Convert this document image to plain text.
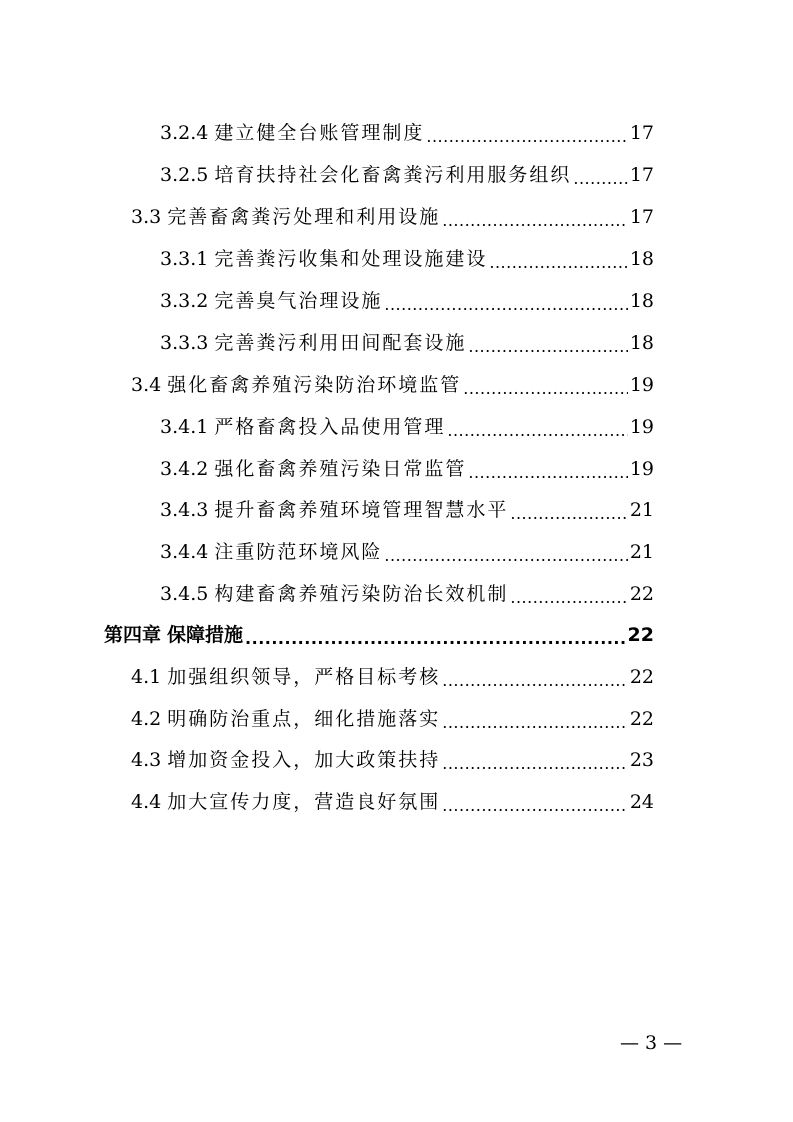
3.2.4 建立健全台账管理制度 .....	17
3.2.5 培育扶持社会化畜禽粪污利用服务组织 .....	17
3.3 完善畜禽粪污处理和利用设施 .....	17
3.3.1 完善粪污收集和处理设施建设 .....	18
3.3.2 完善臭气治理设施 .....	18
3.3.3 完善粪污利用田间配套设施 .....	18
3.4 强化畜禽养殖污染防治环境监管 .....	19
3.4.1 严格畜禽投入品使用管理 .....	19
3.4.2 强化畜禽养殖污染日常监管 .....	19
3.4.3 提升畜禽养殖环境管理智慧水平 .....	21
3.4.4 注重防范环境风险 .....	21
3.4.5 构建畜禽养殖污染防治长效机制 .....	22
第四章 保障措施 .....	22
4.1 加强组织领导，严格目标考核 .....	22
4.2 明确防治重点，细化措施落实 .....	22
4.3 增加资金投入，加大政策扶持 .....	23
4.4 加大宣传力度，营造良好氛围 .....	24
— 3 —
